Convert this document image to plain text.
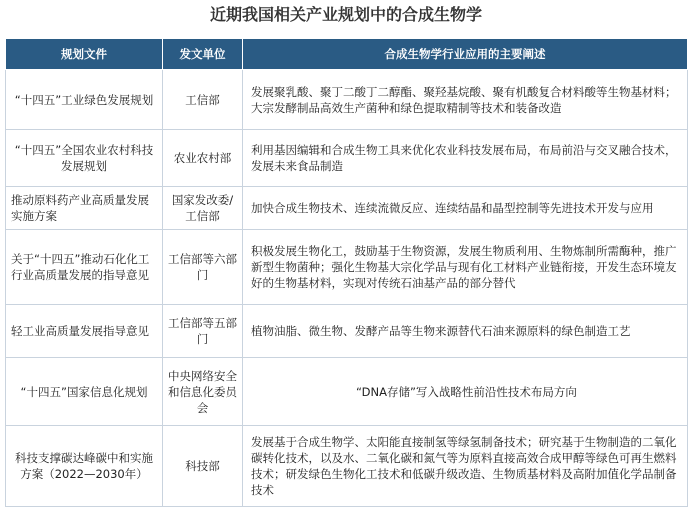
近期我国相关产业规划中的合成生物学
规划文件	发文单位	合成生物学行业应用的主要阐述
“十四五”工业绿色发展规划	工信部	发展聚乳酸、聚丁二酸丁二醇酯、聚羟基烷酸、聚有机酸复合材料酸等生物基材料；大宗发酵制品高效生产菌种和绿色提取精制等技术和装备改造
“十四五”全国农业农村科技发展规划	农业农村部	利用基因编辑和合成生物工具来优化农业科技发展布局，布局前沿与交叉融合技术，发展未来食品制造
推动原料药产业高质量发展实施方案	国家发改委/工信部	加快合成生物技术、连续流微反应、连续结晶和晶型控制等先进技术开发与应用
关于“十四五”推动石化化工行业高质量发展的指导意见	工信部等六部门	积极发展生物化工，鼓励基于生物资源，发展生物质利用、生物炼制所需酶种，推广新型生物菌种；强化生物基大宗化学品与现有化工材料产业链衔接，开发生态环境友好的生物基材料，实现对传统石油基产品的部分替代
轻工业高质量发展指导意见	工信部等五部门	植物油脂、微生物、发酵产品等生物来源替代石油来源原料的绿色制造工艺
“十四五”国家信息化规划	中央网络安全和信息化委员会	“DNA存储”写入战略性前沿性技术布局方向
科技支撑碳达峰碳中和实施方案（2022—2030年）	科技部	发展基于合成生物学、太阳能直接制氢等绿氢制备技术；研究基于生物制造的二氧化碳转化技术，以及水、二氧化碳和氮气等为原料直接高效合成甲醇等绿色可再生燃料技术；研发绿色生物化工技术和低碳升级改造、生物质基材料及高附加值化学品制备技术
